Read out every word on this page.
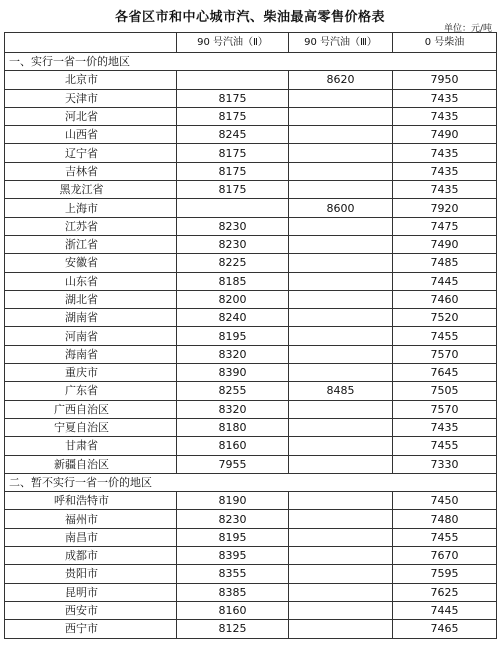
各省区市和中心城市汽、柴油最高零售价格表
单位：元/吨
	90 号汽油（Ⅱ）	90 号汽油（Ⅲ）	0 号柴油
一、实行一省一价的地区			
北京市		8620	7950
天津市	8175		7435
河北省	8175		7435
山西省	8245		7490
辽宁省	8175		7435
吉林省	8175		7435
黑龙江省	8175		7435
上海市		8600	7920
江苏省	8230		7475
浙江省	8230		7490
安徽省	8225		7485
山东省	8185		7445
湖北省	8200		7460
湖南省	8240		7520
河南省	8195		7455
海南省	8320		7570
重庆市	8390		7645
广东省	8255	8485	7505
广西自治区	8320		7570
宁夏自治区	8180		7435
甘肃省	8160		7455
新疆自治区	7955		7330
二、暂不实行一省一价的地区			
呼和浩特市	8190		7450
福州市	8230		7480
南昌市	8195		7455
成都市	8395		7670
贵阳市	8355		7595
昆明市	8385		7625
西安市	8160		7445
西宁市	8125		7465
